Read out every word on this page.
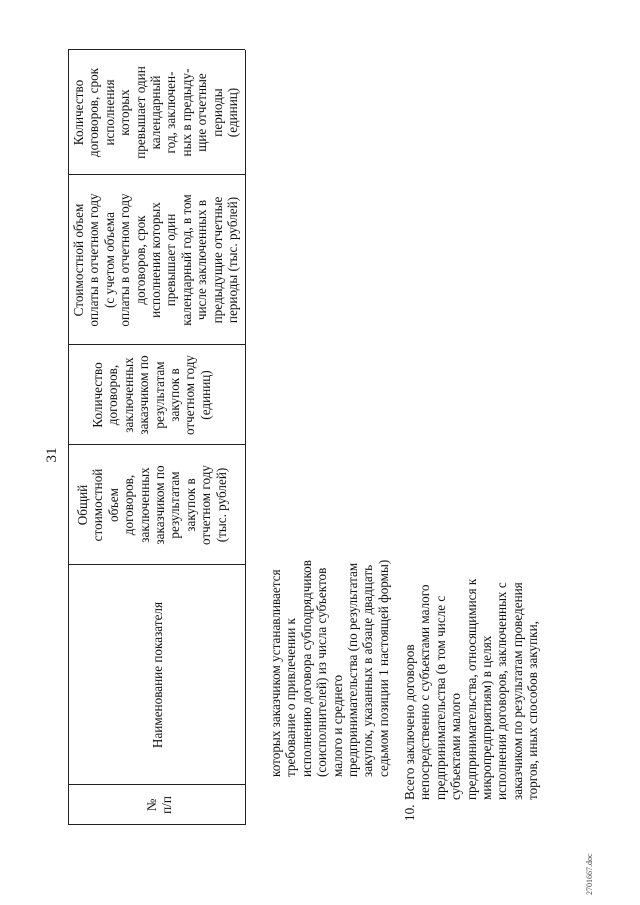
31
№ п/п
Наименование показателя
Общий стоимостной объем договоров, заключенных заказчиком по результатам закупок в отчетном году (тыс. рублей)
Количество договоров, заключенных заказчиком по результатам закупок в отчетном году (единиц)
Стоимостной объем оплаты в отчетном году (с учетом объема оплаты в отчетном году договоров, срок исполнения которых превышает один календарный год, в том числе заключенных в предыдущие отчетные периоды (тыс. рублей)
Количество договоров, срок исполнения которых превышает один календарный год, заключен- ных в предыду- щие отчетные периоды (единиц)
которых заказчиком устанавливается требование о привлечении к исполнению договора субподрядчиков (соисполнителей) из числа субъектов малого и среднего предпринимательства (по результатам закупок, указанных в абзаце двадцать седьмом позиции 1 настоящей формы)
10.
Всего заключено договоров непосредственно с субъектами малого предпринимательства (в том числе с субъектами малого предпринимательства, относящимися к микропредприятиям) в целях исполнения договоров, заключенных с заказчиком по результатам проведения торгов, иных способов закупки,
2701667.doc
